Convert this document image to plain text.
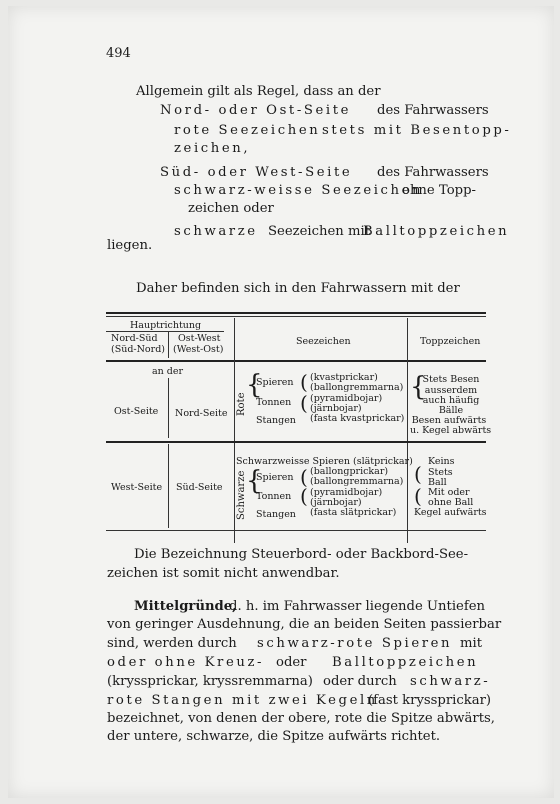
494
Allgemein gilt als Regel, dass an der
Nord- oder Ost-Seite des Fahrwassers
rote Seezeichen stets mit Besentopp-
zeichen,
Süd- oder West-Seite des Fahrwassers
schwarz-weisse Seezeichen
ohne Topp-
zeichen oder
schwarze Seezeichen mit
Balltoppzeichen
liegen.
Daher befinden sich in den Fahrwassern mit der
Hauptrichtung
Nord-Süd
(Süd-Nord)
Ost-West
(West-Ost)
Seezeichen	Toppzeichen
an der
Ost-Seite Nord-Seite Rote
{
Spieren
Tonnen
Stangen
(
(
(kvastprickar)
(ballongremmarna)
(pyramidbojar)
(järnbojar)
(fasta kvastprickar)
{
Stets Besen
ausserdem
auch häufig
Bälle
Besen aufwärts
u. Kegel abwärts
Schwarzweisse Spieren (slätprickar)
West-Seite Süd-Seite Schwarze {
Spieren
Tonnen
Stangen
(
(
(ballongprickar)
(ballongremmarna)
(pyramidbojar)
(järnbojar)
(fasta slätprickar)
(
(
Keins
Stets
Ball
Mit oder
ohne Ball
Kegel aufwärts
Die Bezeichnung Steuerbord- oder Backbord-See-
zeichen ist somit nicht anwendbar.
Mittelgründe,
d. h. im Fahrwasser liegende Untiefen
von geringer Ausdehnung, die an beiden Seiten passierbar
sind, werden durch schwarz-rote Spieren mit
oder ohne Kreuz- oder Balltoppzeichen
(kryssprickar, kryssremmarna) oder durch schwarz-
rote Stangen mit zwei Kegeln
(fast kryssprickar)
bezeichnet, von denen der obere, rote die Spitze abwärts,
der untere, schwarze, die Spitze aufwärts richtet.
